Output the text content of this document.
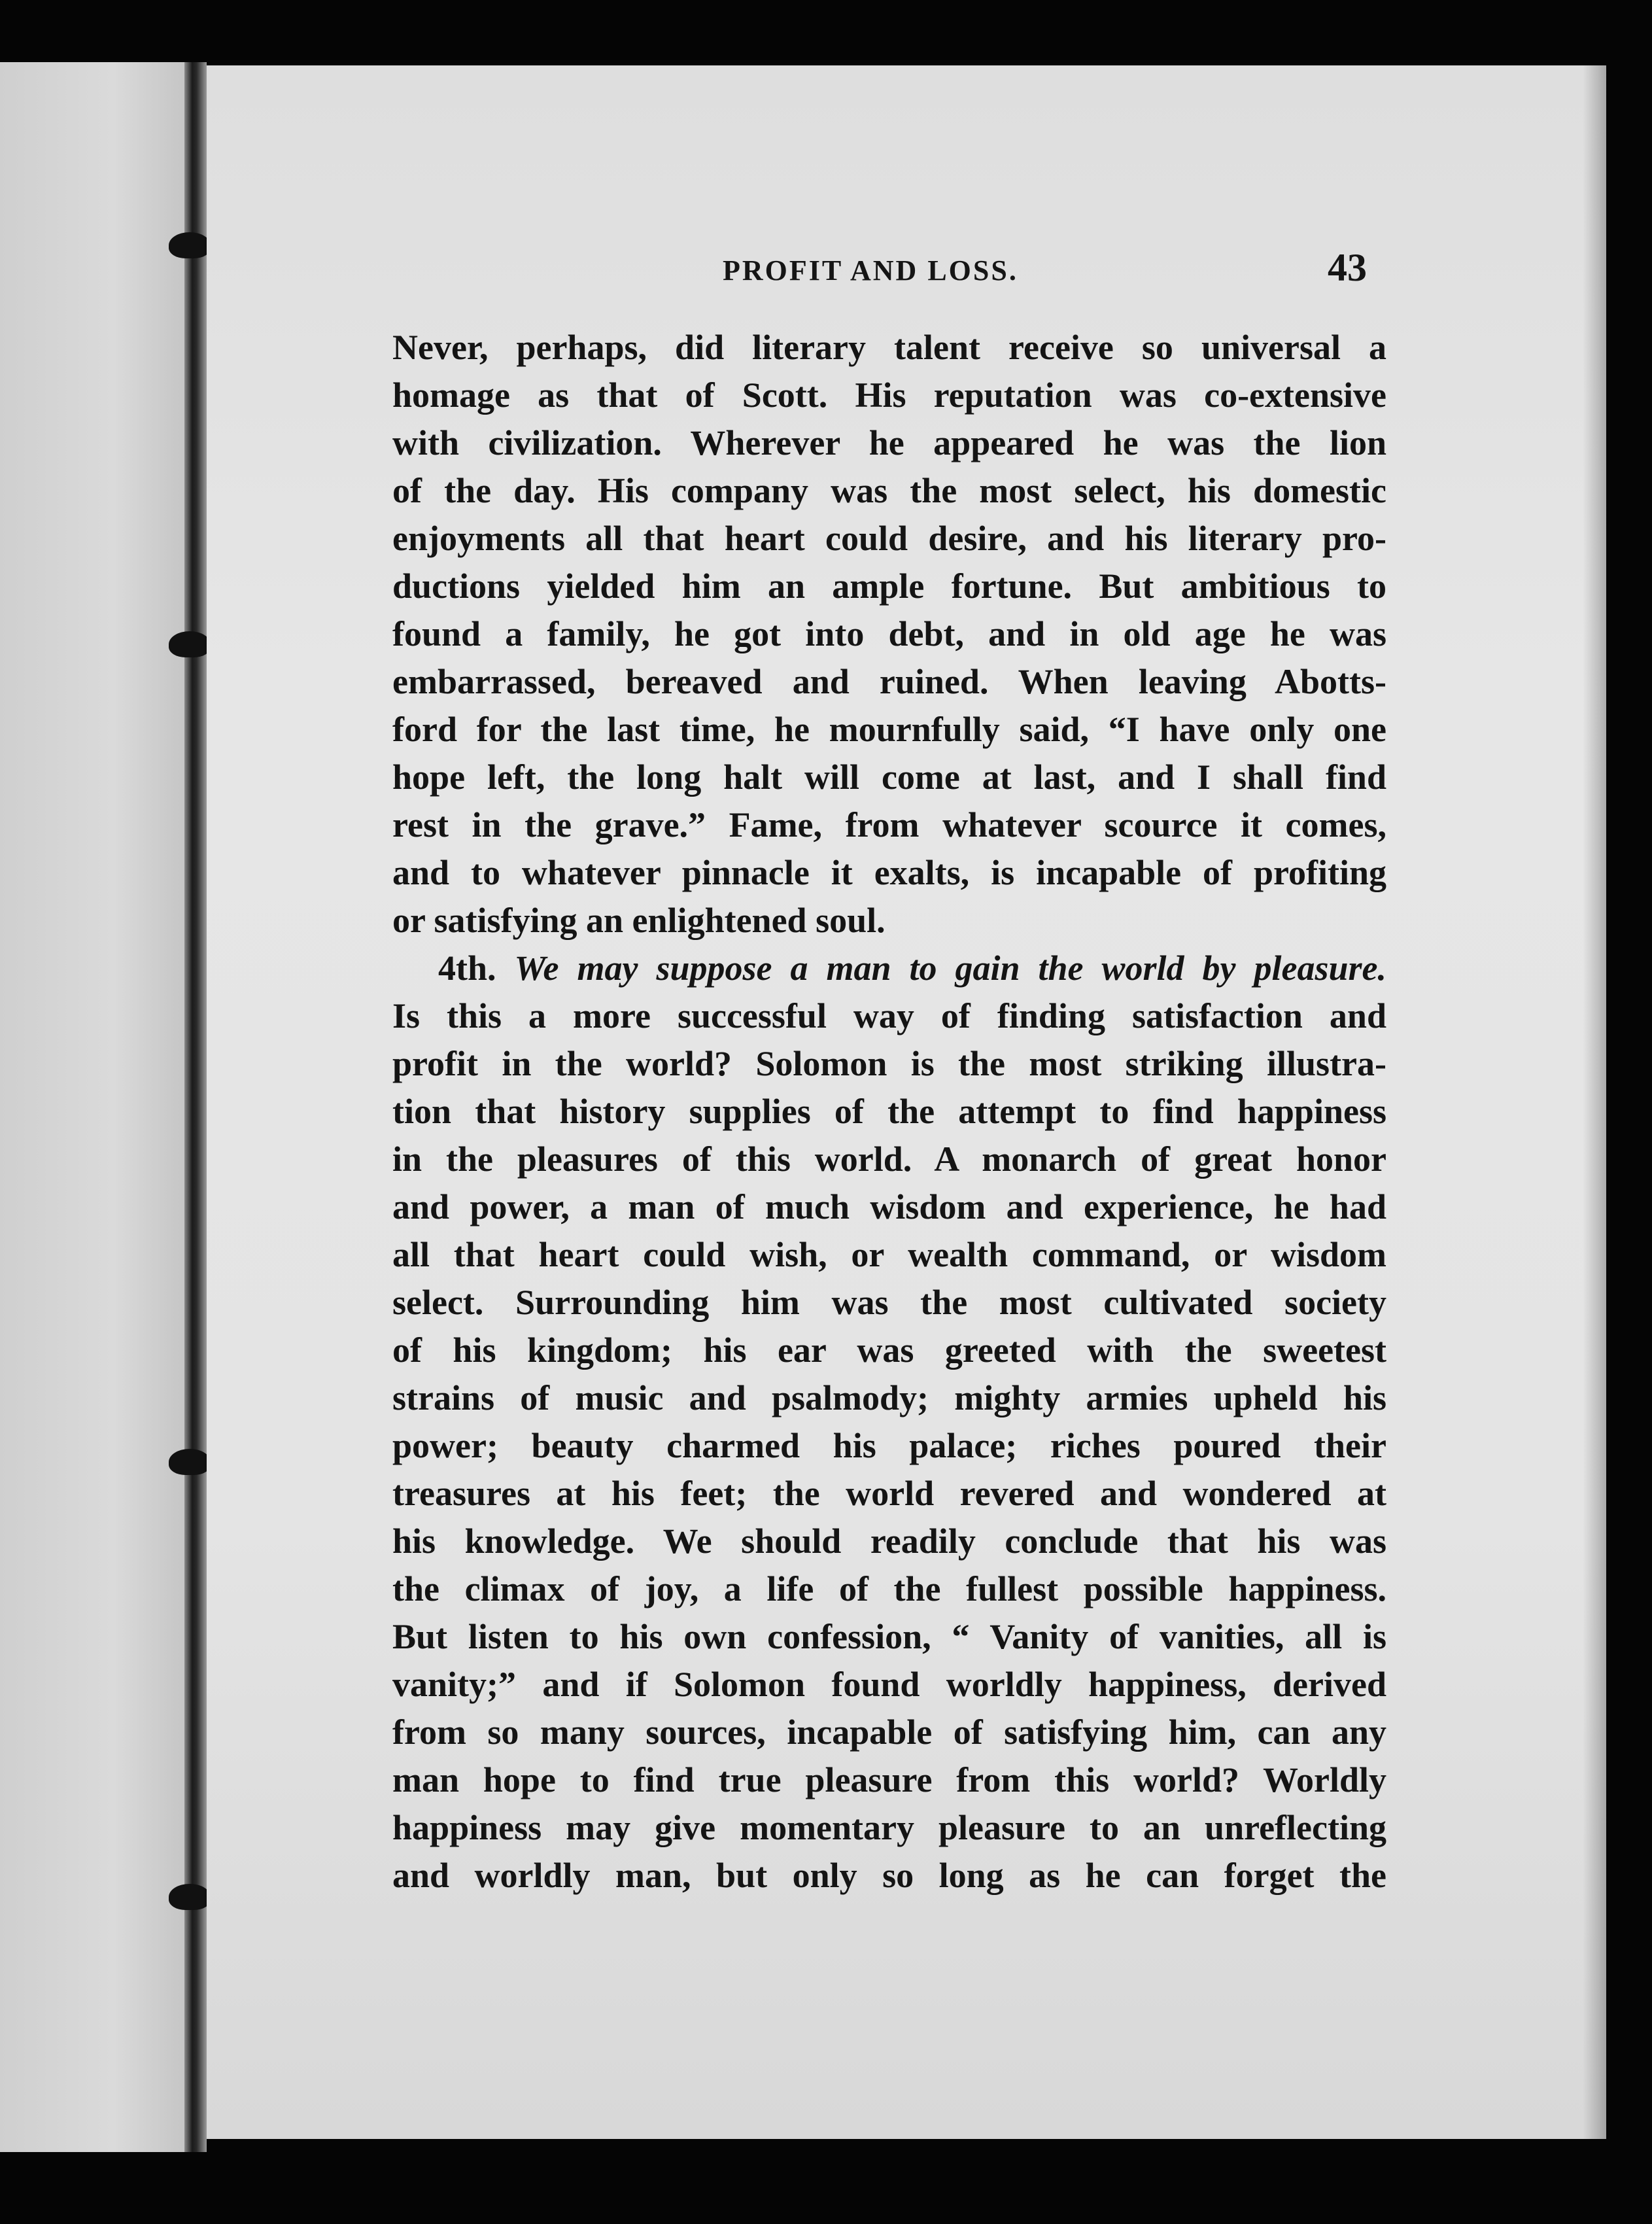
PROFIT AND LOSS.	43
Never, perhaps, did literary talent receive so universal a
homage as that of Scott. His reputation was co-extensive
with civilization. Wherever he appeared he was the lion
of the day. His company was the most select, his domestic
enjoyments all that heart could desire, and his literary pro-
ductions yielded him an ample fortune. But ambitious to
found a family, he got into debt, and in old age he was
embarrassed, bereaved and ruined. When leaving Abotts-
ford for the last time, he mournfully said, “I have only one
hope left, the long halt will come at last, and I shall find
rest in the grave.” Fame, from whatever scource it comes,
and to whatever pinnacle it exalts, is incapable of profiting
or satisfying an enlightened soul.
4th. We may suppose a man to gain the world by pleasure.
Is this a more successful way of finding satisfaction and
profit in the world? Solomon is the most striking illustra-
tion that history supplies of the attempt to find happiness
in the pleasures of this world. A monarch of great honor
and power, a man of much wisdom and experience, he had
all that heart could wish, or wealth command, or wisdom
select. Surrounding him was the most cultivated society
of his kingdom; his ear was greeted with the sweetest
strains of music and psalmody; mighty armies upheld his
power; beauty charmed his palace; riches poured their
treasures at his feet; the world revered and wondered at
his knowledge. We should readily conclude that his was
the climax of joy, a life of the fullest possible happiness.
But listen to his own confession, “ Vanity of vanities, all is
vanity;” and if Solomon found worldly happiness, derived
from so many sources, incapable of satisfying him, can any
man hope to find true pleasure from this world? Worldly
happiness may give momentary pleasure to an unreflecting
and worldly man, but only so long as he can forget the
